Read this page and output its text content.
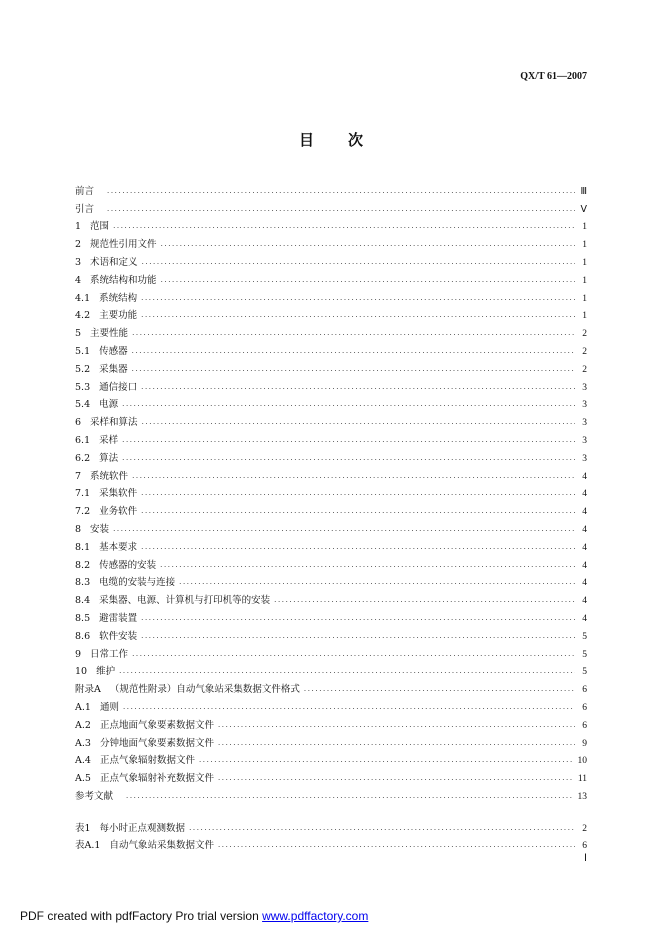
QX/T 61—2007
目次
前言 ·····	Ⅲ
引言 ·····	Ⅴ
1 范围 ·····	1
2 规范性引用文件 ·····	1
3 术语和定义 ·····	1
4 系统结构和功能 ·····	1
4.1 系统结构 ·····	1
4.2 主要功能 ·····	1
5 主要性能 ·····	2
5.1 传感器 ·····	2
5.2 采集器 ·····	2
5.3 通信接口 ·····	3
5.4 电源 ·····	3
6 采样和算法 ·····	3
6.1 采样 ·····	3
6.2 算法 ·····	3
7 系统软件 ·····	4
7.1 采集软件 ·····	4
7.2 业务软件 ·····	4
8 安装 ·····	4
8.1 基本要求 ·····	4
8.2 传感器的安装 ·····	4
8.3 电缆的安装与连接 ·····	4
8.4 采集器、电源、计算机与打印机等的安装 ·····	4
8.5 避雷装置 ·····	4
8.6 软件安装 ·····	5
9 日常工作 ·····	5
10 维护 ·····	5
附录A （规范性附录）自动气象站采集数据文件格式 ·····	6
A.1 通则 ·····	6
A.2 正点地面气象要素数据文件 ·····	6
A.3 分钟地面气象要素数据文件 ·····	9
A.4 正点气象辐射数据文件 ·····	10
A.5 正点气象辐射补充数据文件 ·····	11
参考文献 ·····	13
表1 每小时正点观测数据 ·····	2
表A.1 自动气象站采集数据文件 ·····	6
Ⅰ
PDF created with pdfFactory Pro trial version www.pdffactory.com
